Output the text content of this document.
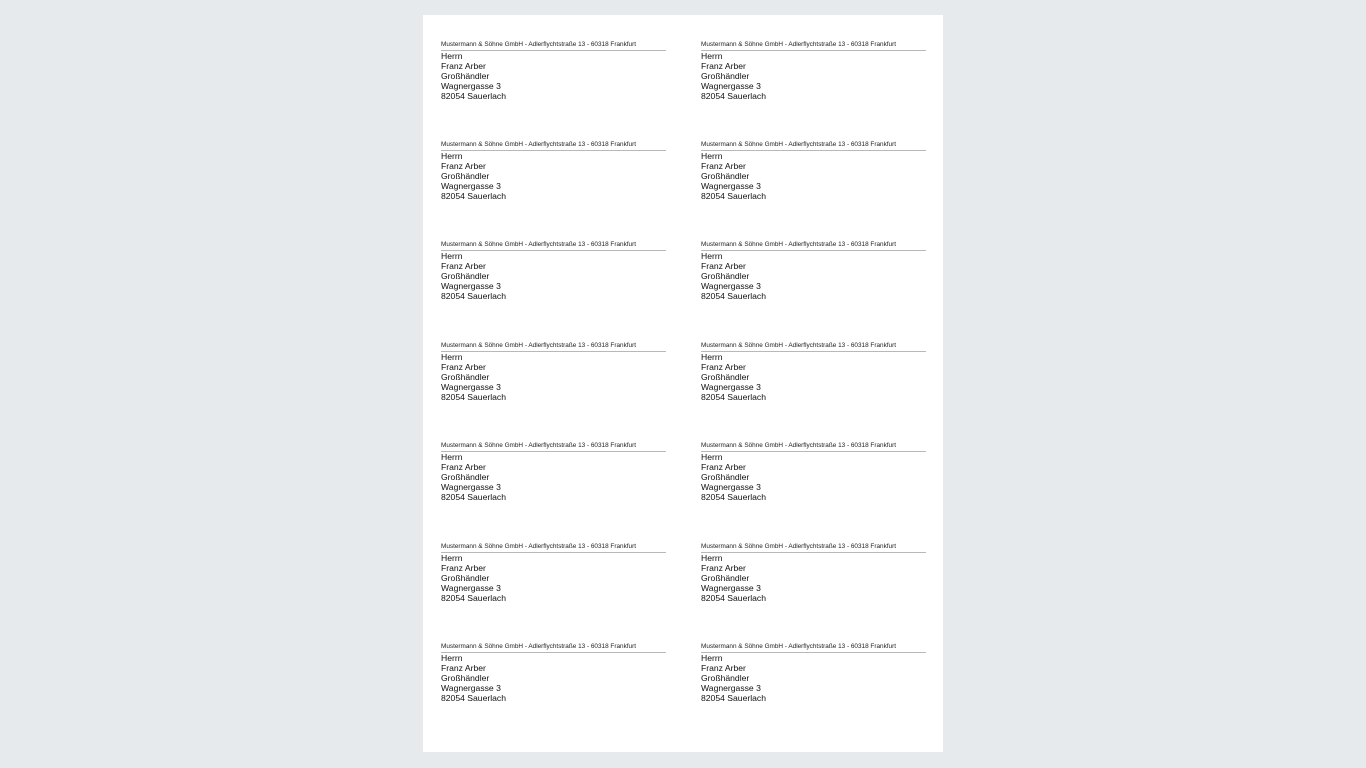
Mustermann & Söhne GmbH - Adlerflychtstraße 13 - 60318 Frankfurt
Herrn
Franz Arber
Großhändler
Wagnergasse 3
82054 Sauerlach
Mustermann & Söhne GmbH - Adlerflychtstraße 13 - 60318 Frankfurt
Herrn
Franz Arber
Großhändler
Wagnergasse 3
82054 Sauerlach
Mustermann & Söhne GmbH - Adlerflychtstraße 13 - 60318 Frankfurt
Herrn
Franz Arber
Großhändler
Wagnergasse 3
82054 Sauerlach
Mustermann & Söhne GmbH - Adlerflychtstraße 13 - 60318 Frankfurt
Herrn
Franz Arber
Großhändler
Wagnergasse 3
82054 Sauerlach
Mustermann & Söhne GmbH - Adlerflychtstraße 13 - 60318 Frankfurt
Herrn
Franz Arber
Großhändler
Wagnergasse 3
82054 Sauerlach
Mustermann & Söhne GmbH - Adlerflychtstraße 13 - 60318 Frankfurt
Herrn
Franz Arber
Großhändler
Wagnergasse 3
82054 Sauerlach
Mustermann & Söhne GmbH - Adlerflychtstraße 13 - 60318 Frankfurt
Herrn
Franz Arber
Großhändler
Wagnergasse 3
82054 Sauerlach
Mustermann & Söhne GmbH - Adlerflychtstraße 13 - 60318 Frankfurt
Herrn
Franz Arber
Großhändler
Wagnergasse 3
82054 Sauerlach
Mustermann & Söhne GmbH - Adlerflychtstraße 13 - 60318 Frankfurt
Herrn
Franz Arber
Großhändler
Wagnergasse 3
82054 Sauerlach
Mustermann & Söhne GmbH - Adlerflychtstraße 13 - 60318 Frankfurt
Herrn
Franz Arber
Großhändler
Wagnergasse 3
82054 Sauerlach
Mustermann & Söhne GmbH - Adlerflychtstraße 13 - 60318 Frankfurt
Herrn
Franz Arber
Großhändler
Wagnergasse 3
82054 Sauerlach
Mustermann & Söhne GmbH - Adlerflychtstraße 13 - 60318 Frankfurt
Herrn
Franz Arber
Großhändler
Wagnergasse 3
82054 Sauerlach
Mustermann & Söhne GmbH - Adlerflychtstraße 13 - 60318 Frankfurt
Herrn
Franz Arber
Großhändler
Wagnergasse 3
82054 Sauerlach
Mustermann & Söhne GmbH - Adlerflychtstraße 13 - 60318 Frankfurt
Herrn
Franz Arber
Großhändler
Wagnergasse 3
82054 Sauerlach
